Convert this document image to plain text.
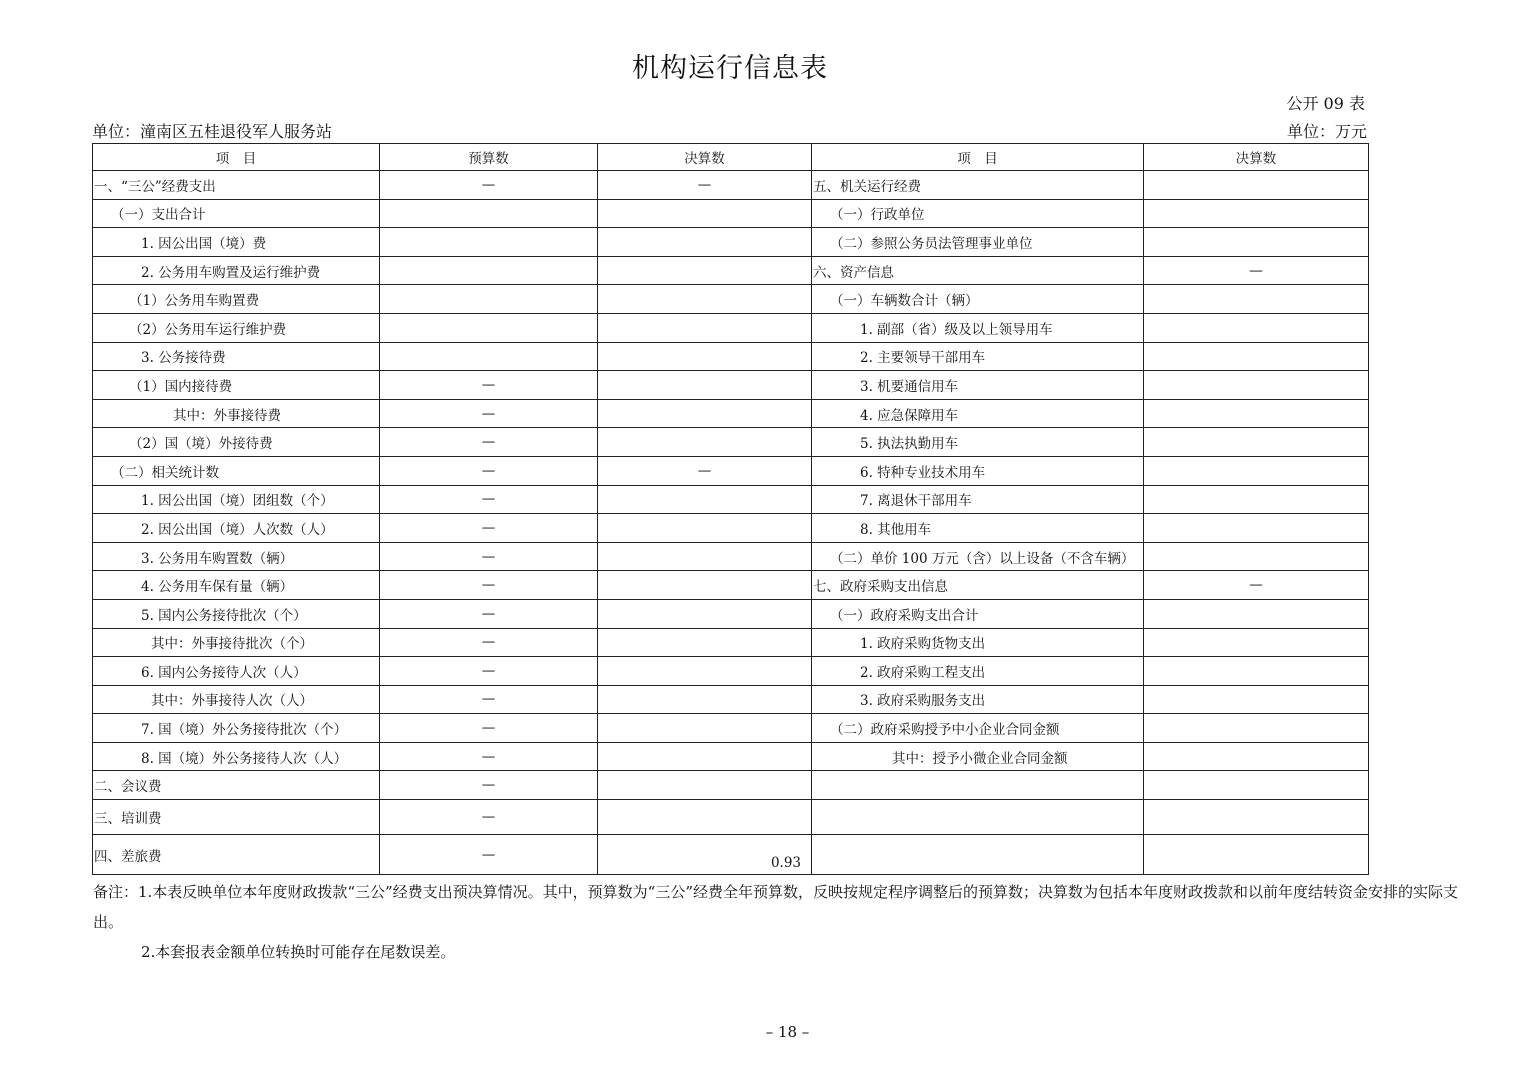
机构运行信息表
公开 09 表
单位：潼南区五桂退役军人服务站	单位：万元
项　目	预算数	决算数	项　目	决算数
一、“三公”经费支出	—	—	五、机关运行经费	
（一）支出合计			（一）行政单位	
1. 因公出国（境）费			（二）参照公务员法管理事业单位	
2. 公务用车购置及运行维护费			六、资产信息	—
（1）公务用车购置费			（一）车辆数合计（辆）	
（2）公务用车运行维护费			1. 副部（省）级及以上领导用车	
3. 公务接待费			2. 主要领导干部用车	
（1）国内接待费	—		3. 机要通信用车	
其中：外事接待费	—		4. 应急保障用车	
（2）国（境）外接待费	—		5. 执法执勤用车	
（二）相关统计数	—	—	6. 特种专业技术用车	
1. 因公出国（境）团组数（个）	—		7. 离退休干部用车	
2. 因公出国（境）人次数（人）	—		8. 其他用车	
3. 公务用车购置数（辆）	—		（二）单价 100 万元（含）以上设备（不含车辆）	
4. 公务用车保有量（辆）	—		七、政府采购支出信息	—
5. 国内公务接待批次（个）	—		（一）政府采购支出合计	
其中：外事接待批次（个）	—		1. 政府采购货物支出	
6. 国内公务接待人次（人）	—		2. 政府采购工程支出	
其中：外事接待人次（人）	—		3. 政府采购服务支出	
7. 国（境）外公务接待批次（个）	—		（二）政府采购授予中小企业合同金额	
8. 国（境）外公务接待人次（人）	—		其中：授予小微企业合同金额	
二、会议费	—			
三、培训费	—			
四、差旅费	—	0.93		

备注：1.本表反映单位本年度财政拨款“三公”经费支出预决算情况。其中，预算数为“三公”经费全年预算数，反映按规定程序调整后的预算数；决算数为包括本年度财政拨款和以前年度结转资金安排的实际支出。

2.本套报表金额单位转换时可能存在尾数误差。

– 18 –
